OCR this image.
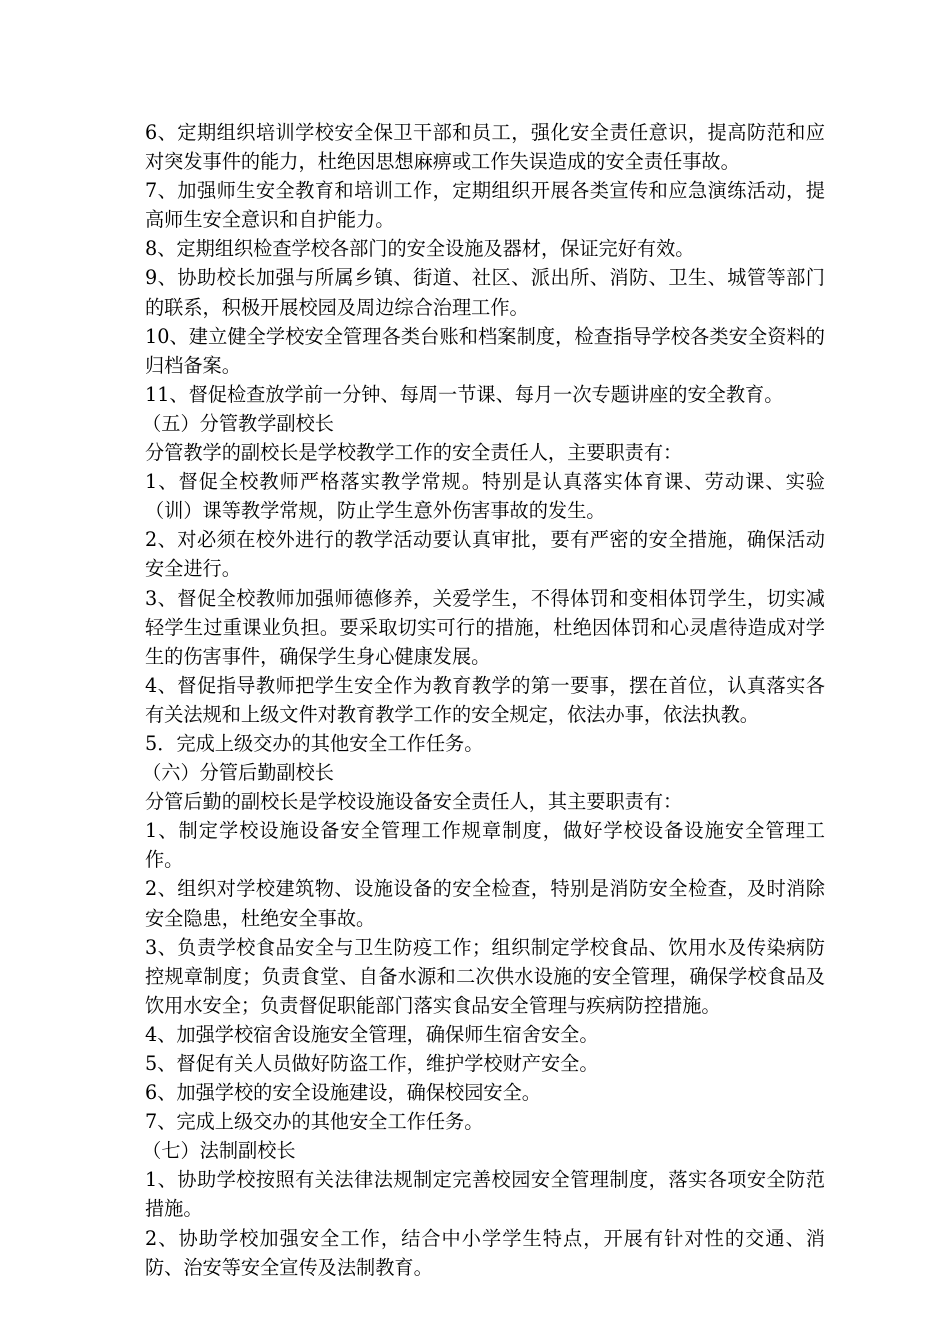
6、定期组织培训学校安全保卫干部和员工，强化安全责任意识，提高防范和应对突发事件的能力，杜绝因思想麻痹或工作失误造成的安全责任事故。

7、加强师生安全教育和培训工作，定期组织开展各类宣传和应急演练活动，提高师生安全意识和自护能力。

8、定期组织检查学校各部门的安全设施及器材，保证完好有效。

9、协助校长加强与所属乡镇、街道、社区、派出所、消防、卫生、城管等部门的联系，积极开展校园及周边综合治理工作。

10、建立健全学校安全管理各类台账和档案制度，检查指导学校各类安全资料的归档备案。

11、督促检查放学前一分钟、每周一节课、每月一次专题讲座的安全教育。

（五）分管教学副校长

分管教学的副校长是学校教学工作的安全责任人，主要职责有：

1、督促全校教师严格落实教学常规。特别是认真落实体育课、劳动课、实验（训）课等教学常规，防止学生意外伤害事故的发生。

2、对必须在校外进行的教学活动要认真审批，要有严密的安全措施，确保活动安全进行。

3、督促全校教师加强师德修养，关爱学生，不得体罚和变相体罚学生，切实减轻学生过重课业负担。要采取切实可行的措施，杜绝因体罚和心灵虐待造成对学生的伤害事件，确保学生身心健康发展。

4、督促指导教师把学生安全作为教育教学的第一要事，摆在首位，认真落实各有关法规和上级文件对教育教学工作的安全规定，依法办事，依法执教。

5．完成上级交办的其他安全工作任务。

（六）分管后勤副校长

分管后勤的副校长是学校设施设备安全责任人，其主要职责有：

1、制定学校设施设备安全管理工作规章制度，做好学校设备设施安全管理工作。

2、组织对学校建筑物、设施设备的安全检查，特别是消防安全检查，及时消除安全隐患，杜绝安全事故。

3、负责学校食品安全与卫生防疫工作；组织制定学校食品、饮用水及传染病防控规章制度；负责食堂、自备水源和二次供水设施的安全管理，确保学校食品及饮用水安全；负责督促职能部门落实食品安全管理与疾病防控措施。

4、加强学校宿舍设施安全管理，确保师生宿舍安全。

5、督促有关人员做好防盗工作，维护学校财产安全。

6、加强学校的安全设施建设，确保校园安全。

7、完成上级交办的其他安全工作任务。

（七）法制副校长

1、协助学校按照有关法律法规制定完善校园安全管理制度，落实各项安全防范措施。

2、协助学校加强安全工作，结合中小学学生特点，开展有针对性的交通、消防、治安等安全宣传及法制教育。
